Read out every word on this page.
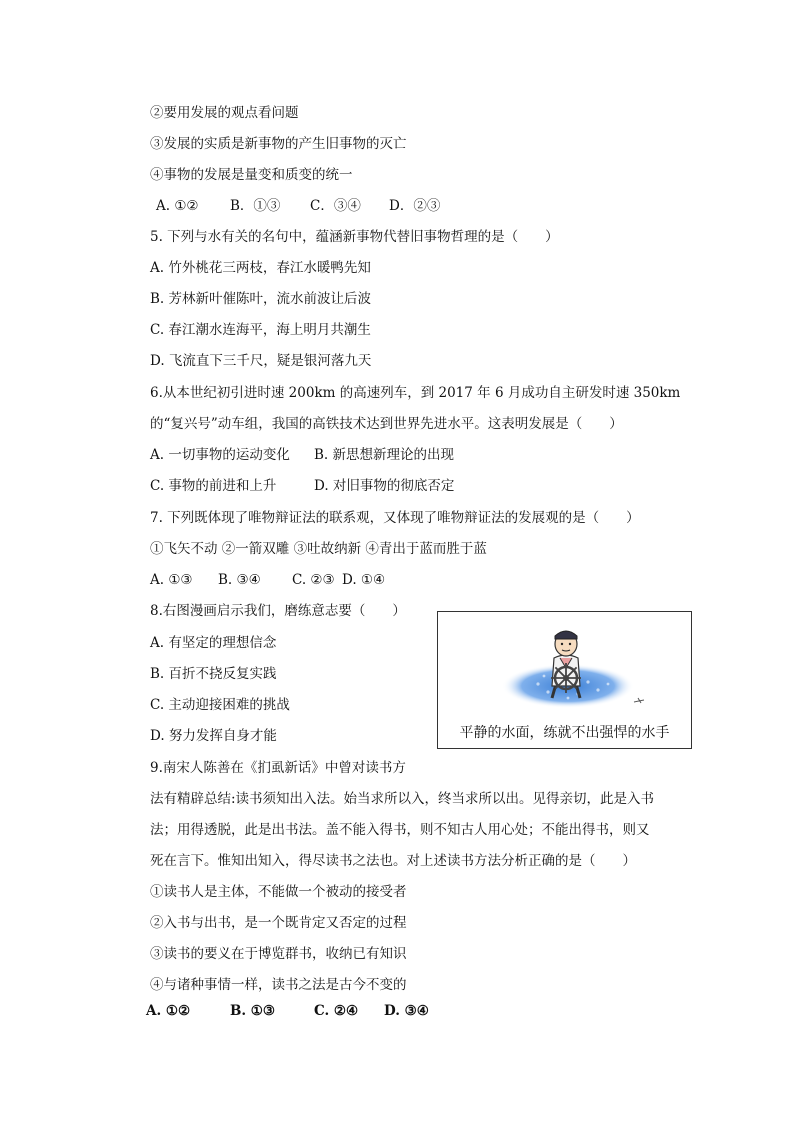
②要用发展的观点看问题
③发展的实质是新事物的产生旧事物的灭亡
④事物的发展是量变和质变的统一
A. ①② B．①③ C．③④ D．②③
5. 下列与水有关的名句中，蕴涵新事物代替旧事物哲理的是（　　）
A. 竹外桃花三两枝，春江水暖鸭先知
B. 芳林新叶催陈叶，流水前波让后波
C. 春江潮水连海平，海上明月共潮生
D. 飞流直下三千尺，疑是银河落九天
6.从本世纪初引进时速 200km 的高速列车，到 2017 年 6 月成功自主研发时速 350km
的“复兴号”动车组，我国的高铁技术达到世界先进水平。这表明发展是（　　）
A. 一切事物的运动变化 B. 新思想新理论的出现
C. 事物的前进和上升	D. 对旧事物的彻底否定
7. 下列既体现了唯物辩证法的联系观，又体现了唯物辩证法的发展观的是（　　）
①飞矢不动 ②一箭双雕 ③吐故纳新 ④青出于蓝而胜于蓝
A. ①③ B. ③④ C. ②③ D. ①④
8.右图漫画启示我们，磨练意志要（　　）
A. 有坚定的理想信念
B. 百折不挠反复实践
C. 主动迎接困难的挑战
D. 努力发挥自身才能	平静的水面，练就不出强悍的水手
9.南宋人陈善在《扪虱新话》中曾对读书方
法有精辟总结:读书须知出入法。始当求所以入，终当求所以出。见得亲切，此是入书
法；用得透脱，此是出书法。盖不能入得书，则不知古人用心处；不能出得书，则又
死在言下。惟知出知入，得尽读书之法也。对上述读书方法分析正确的是（　　）
①读书人是主体，不能做一个被动的接受者
②入书与出书，是一个既肯定又否定的过程
③读书的要义在于博览群书，收纳已有知识
④与诸种事情一样，读书之法是古今不变的
A. ①②	B. ①③	C. ②④ D. ③④
